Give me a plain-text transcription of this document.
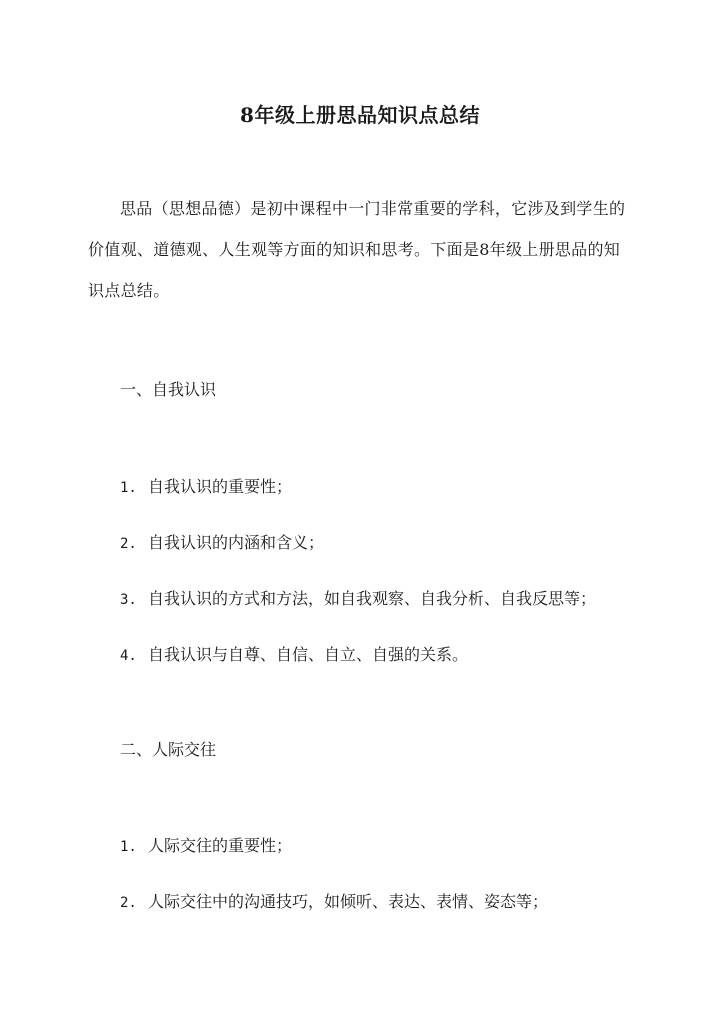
8年级上册思品知识点总结

思品（思想品德）是初中课程中一门非常重要的学科，它涉及到学生的价值观、道德观、人生观等方面的知识和思考。下面是8年级上册思品的知识点总结。

一、自我认识

1. 自我认识的重要性；

2. 自我认识的内涵和含义；

3. 自我认识的方式和方法，如自我观察、自我分析、自我反思等；

4. 自我认识与自尊、自信、自立、自强的关系。

二、人际交往

1. 人际交往的重要性；

2. 人际交往中的沟通技巧，如倾听、表达、表情、姿态等；
